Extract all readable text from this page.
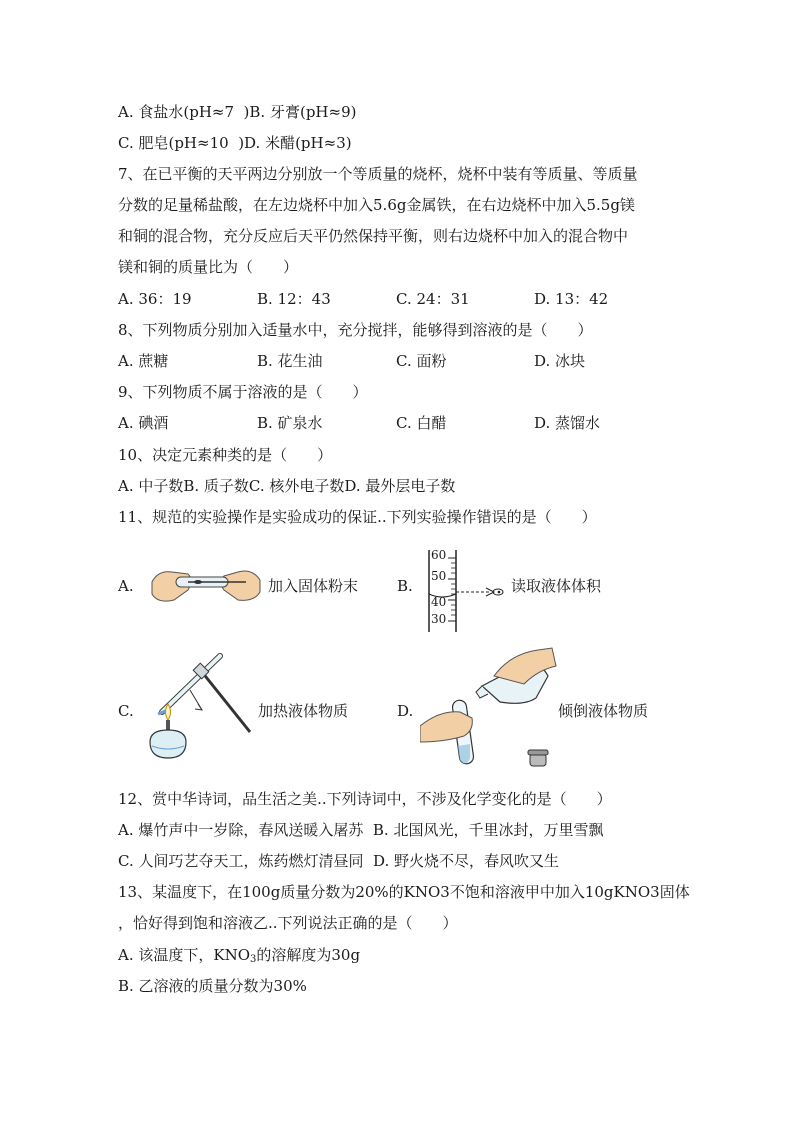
A. 食盐水(pH≈7  )B. 牙膏(pH≈9)
C. 肥皂(pH≈10  )D. 米醋(pH≈3)
7、在已平衡的天平两边分别放一个等质量的烧杯，烧杯中装有等质量、等质量
分数的足量稀盐酸，在左边烧杯中加入5.6g金属铁，在右边烧杯中加入5.5g镁
和铜的混合物，充分反应后天平仍然保持平衡，则右边烧杯中加入的混合物中
镁和铜的质量比为（　　）
A. 36：19	B. 12：43	C. 24：31	D. 13：42
8、下列物质分别加入适量水中，充分搅拌，能够得到溶液的是（　　）
A. 蔗糖	B. 花生油	C. 面粉	D. 冰块
9、下列物质不属于溶液的是（　　）
A. 碘酒	B. 矿泉水	C. 白醋	D. 蒸馏水
10、决定元素种类的是（　　）
A. 中子数B. 质子数C. 核外电子数D. 最外层电子数
11、规范的实验操作是实验成功的保证..下列实验操作错误的是（　　）
A.	加入固体粉末	B.
60
50
40
30
读取液体体积
C.	加热液体物质	D.	倾倒液体物质
12、赏中华诗词，品生活之美..下列诗词中，不涉及化学变化的是（　　）
A. 爆竹声中一岁除，春风送暖入屠苏  B. 北国风光，千里冰封，万里雪飘
C. 人间巧艺夺天工，炼药燃灯清昼同  D. 野火烧不尽，春风吹又生
13、某温度下，在100g质量分数为20%的KNO3不饱和溶液甲中加入10gKNO3固体
，恰好得到饱和溶液乙..下列说法正确的是（　　）
A. 该温度下，$KNO_3$的溶解度为30g
B. 乙溶液的质量分数为30%
